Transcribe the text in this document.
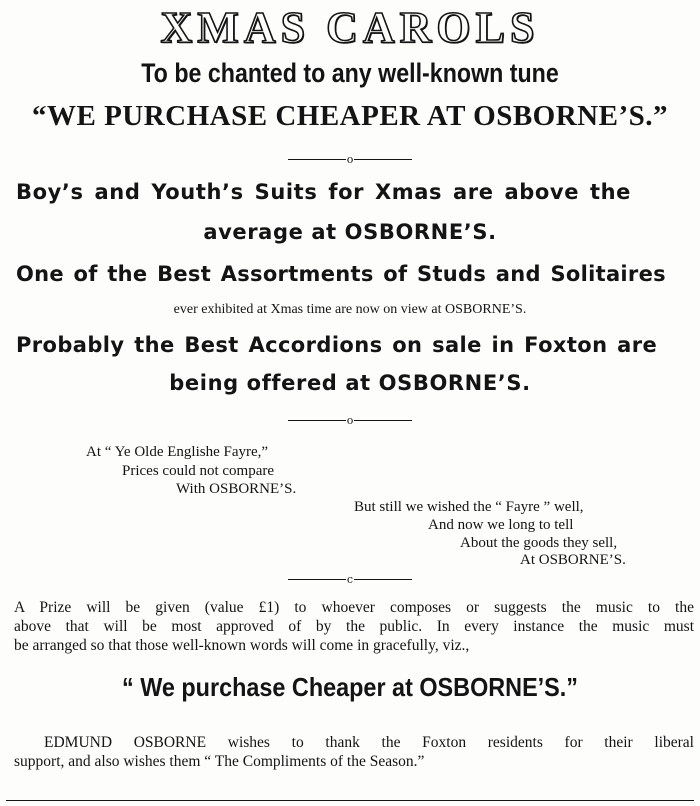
XMAS CAROLS
To be chanted to any well-known tune
“WE PURCHASE CHEAPER AT OSBORNE’S.”
o
Boy’s and Youth’s Suits for Xmas are above the
average at OSBORNE’S.
One of the Best Assortments of Studs and Solitaires
ever exhibited at Xmas time are now on view at OSBORNE’S.
Probably the Best Accordions on sale in Foxton are
being offered at OSBORNE’S.
o
At “ Ye Olde Englishe Fayre,”
Prices could not compare
With OSBORNE’S.
But still we wished the “ Fayre ” well,
And now we long to tell
About the goods they sell,
At OSBORNE’S.
c
A Prize will be given (value £1) to whoever composes or suggests the music to the
above that will be most approved of by the public. In every instance the music must
be arranged so that those well-known words will come in gracefully, viz.,
“ We purchase Cheaper at OSBORNE’S.”
EDMUND OSBORNE wishes to thank the Foxton residents for their liberal
support, and also wishes them “ The Compliments of the Season.”
